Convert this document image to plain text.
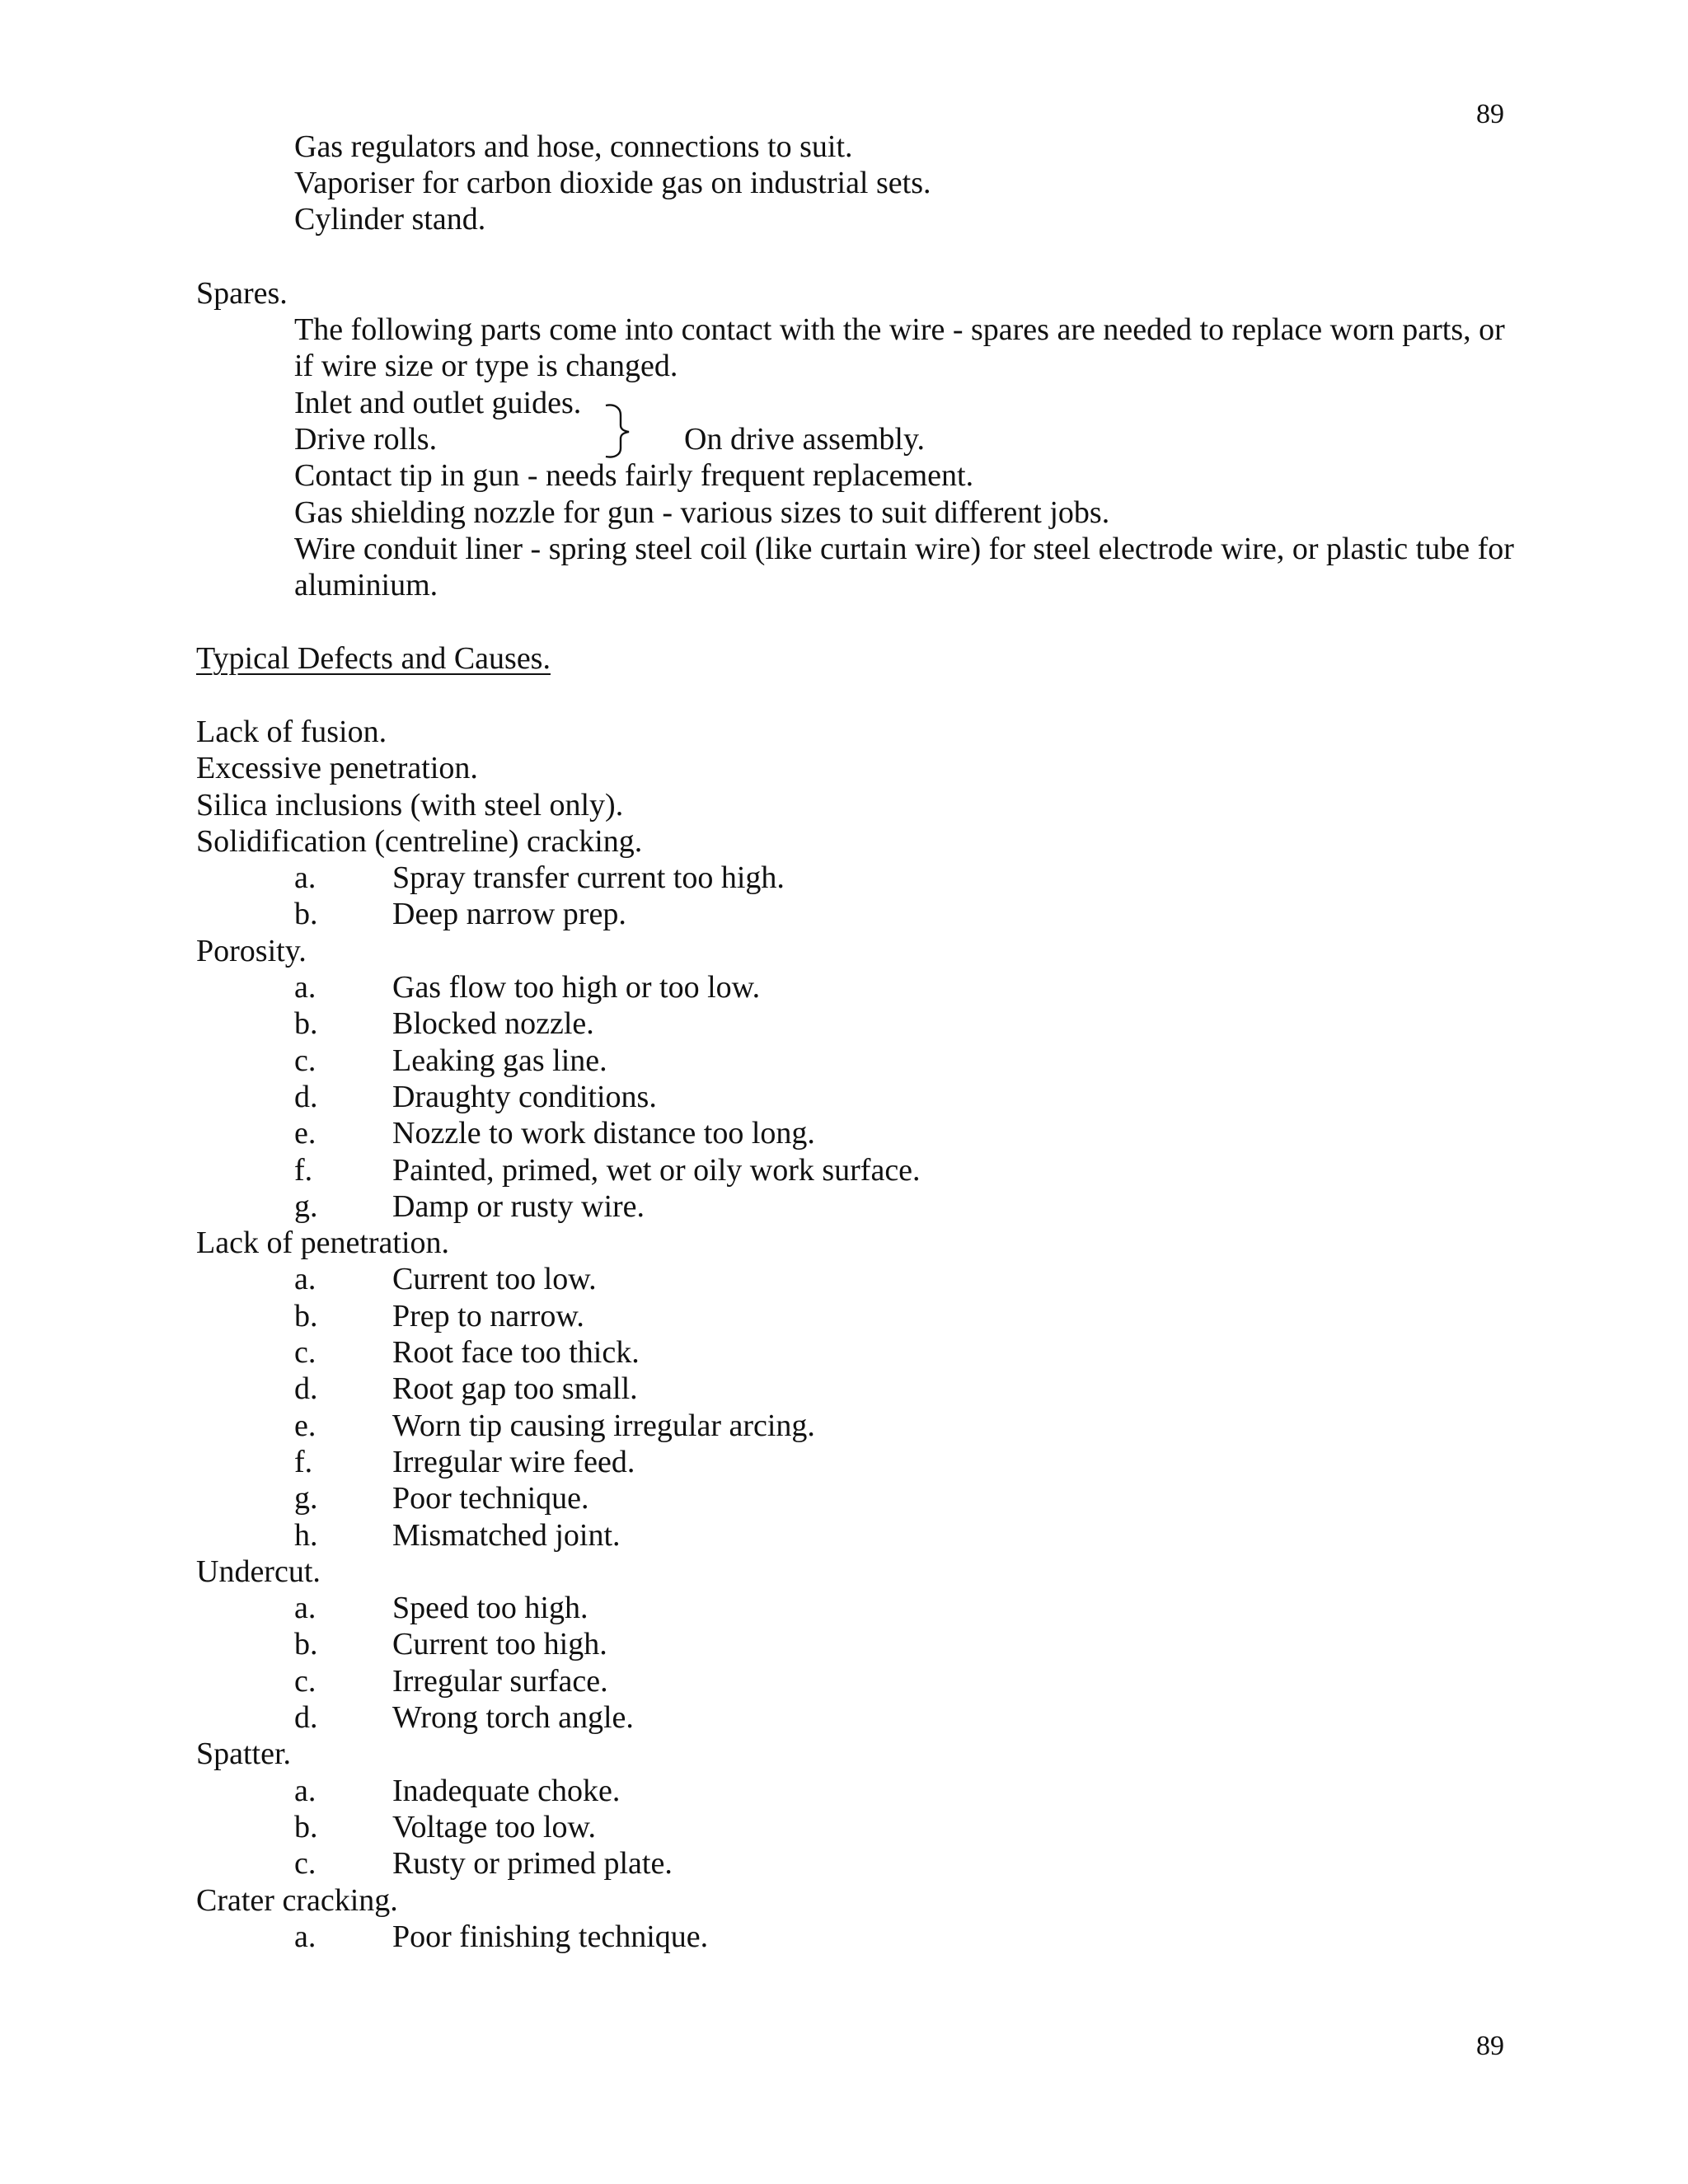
89
Gas regulators and hose, connections to suit.
Vaporiser for carbon dioxide gas on industrial sets.
Cylinder stand.
Spares.
The following parts come into contact with the wire - spares are needed to replace worn parts, or if wire size or type is changed.
Inlet and outlet guides.
Drive rolls.	On drive assembly.
Contact tip in gun - needs fairly frequent replacement.
Gas shielding nozzle for gun - various sizes to suit different jobs.
Wire conduit liner - spring steel coil (like curtain wire) for steel electrode wire, or plastic tube for aluminium.
Typical Defects and Causes.
Lack of fusion.
Excessive penetration.
Silica inclusions (with steel only).
Solidification (centreline) cracking.
a. Spray transfer current too high.
b. Deep narrow prep.
Porosity.
a. Gas flow too high or too low.
b. Blocked nozzle.
c. Leaking gas line.
d. Draughty conditions.
e. Nozzle to work distance too long.
f.	Painted, primed, wet or oily work surface.
g. Damp or rusty wire.
Lack of penetration.
a. Current too low.
b. Prep to narrow.
c. Root face too thick.
d. Root gap too small.
e. Worn tip causing irregular arcing.
f.	Irregular wire feed.
g. Poor technique.
h. Mismatched joint.
Undercut.
a. Speed too high.
b. Current too high.
c. Irregular surface.
d. Wrong torch angle.
Spatter.
a. Inadequate choke.
b. Voltage too low.
c. Rusty or primed plate.
Crater cracking.
a. Poor finishing technique.
89
